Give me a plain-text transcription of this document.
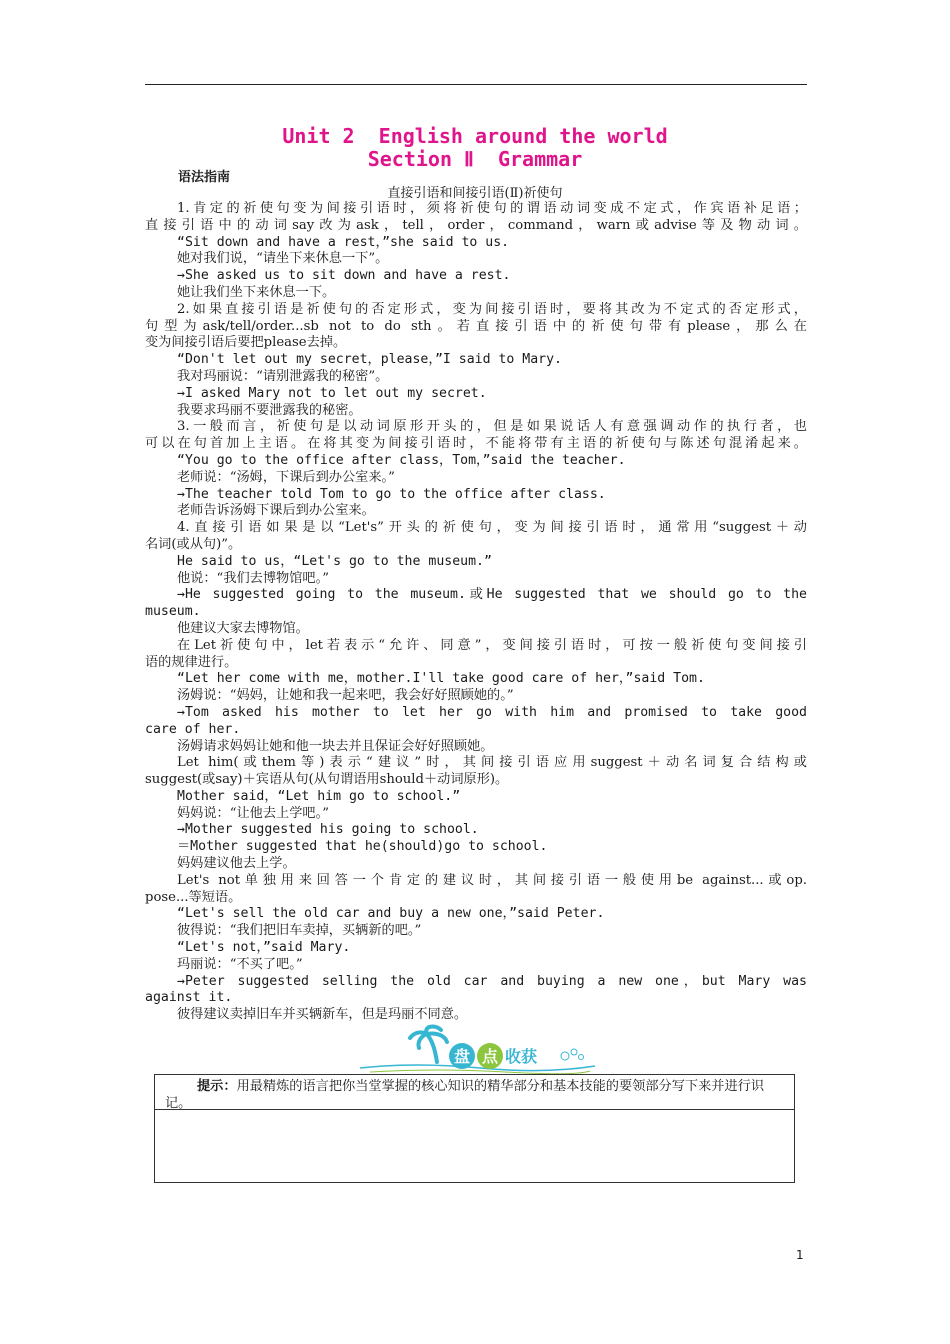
Unit 2  English around the world
Section Ⅱ  Grammar
语法指南
直接引语和间接引语(Ⅱ)祈使句

1.肯定的祈使句变为间接引语时，须将祈使句的谓语动词变成不定式，作宾语补足语；

直接引语中的动词say改为ask，tell，order，command，warn或advise等及物动词。

“Sit down and have a rest，”she said to us.

她对我们说，“请坐下来休息一下”。

→She asked us to sit down and have a rest.

她让我们坐下来休息一下。

2.如果直接引语是祈使句的否定形式，变为间接引语时，要将其改为不定式的否定形式，

句型为ask/tell/order...sb not to do sth。若直接引语中的祈使句带有please，那么在

变为间接引语后要把please去掉。

“Don't let out my secret，please，”I said to Mary.

我对玛丽说：“请别泄露我的秘密”。

→I asked Mary not to let out my secret.

我要求玛丽不要泄露我的秘密。

3.一般而言，祈使句是以动词原形开头的，但是如果说话人有意强调动作的执行者，也

可以在句首加上主语。在将其变为间接引语时，不能将带有主语的祈使句与陈述句混淆起来。

“You go to the office after class，Tom，”said the teacher.

老师说：“汤姆，下课后到办公室来。”

→The teacher told Tom to go to the office after class.

老师告诉汤姆下课后到办公室来。

4.直接引语如果是以“Let's”开头的祈使句，变为间接引语时，通常用“suggest＋动

名词(或从句)”。

He said to us，“Let's go to the museum.”

他说：“我们去博物馆吧。”

→He suggested going to the museum.或He suggested that we should go to the

museum.

他建议大家去博物馆。

在Let祈使句中，let若表示“允许、同意”，变间接引语时，可按一般祈使句变间接引

语的规律进行。

“Let her come with me，mother.I'll take good care of her，”said Tom.

汤姆说：“妈妈，让她和我一起来吧，我会好好照顾她的。”

→Tom asked his mother to let her go with him and promised to take good

care of her.

汤姆请求妈妈让她和他一块去并且保证会好好照顾她。

Let him(或them等)表示“建议”时，其间接引语应用suggest＋动名词复合结构或

suggest(或say)＋宾语从句(从句谓语用should＋动词原形)。

Mother said，“Let him go to school.”

妈妈说：“让他去上学吧。”

→Mother suggested his going to school.

＝Mother suggested that he(should)go to school.

妈妈建议他去上学。

Let's not单独用来回答一个肯定的建议时，其间接引语一般使用be against...或op.

pose...等短语。

“Let's sell the old car and buy a new one，”said Peter.

彼得说：“我们把旧车卖掉，买辆新的吧。”

“Let's not，”said Mary.

玛丽说：“不买了吧。”

→Peter suggested selling the old car and buying a new one，but Mary was

against it.

彼得建议卖掉旧车并买辆新车，但是玛丽不同意。

盘 点 收获
提示：用最精炼的语言把你当堂掌握的核心知识的精华部分和基本技能的要领部分写下来并进行识记。
1
